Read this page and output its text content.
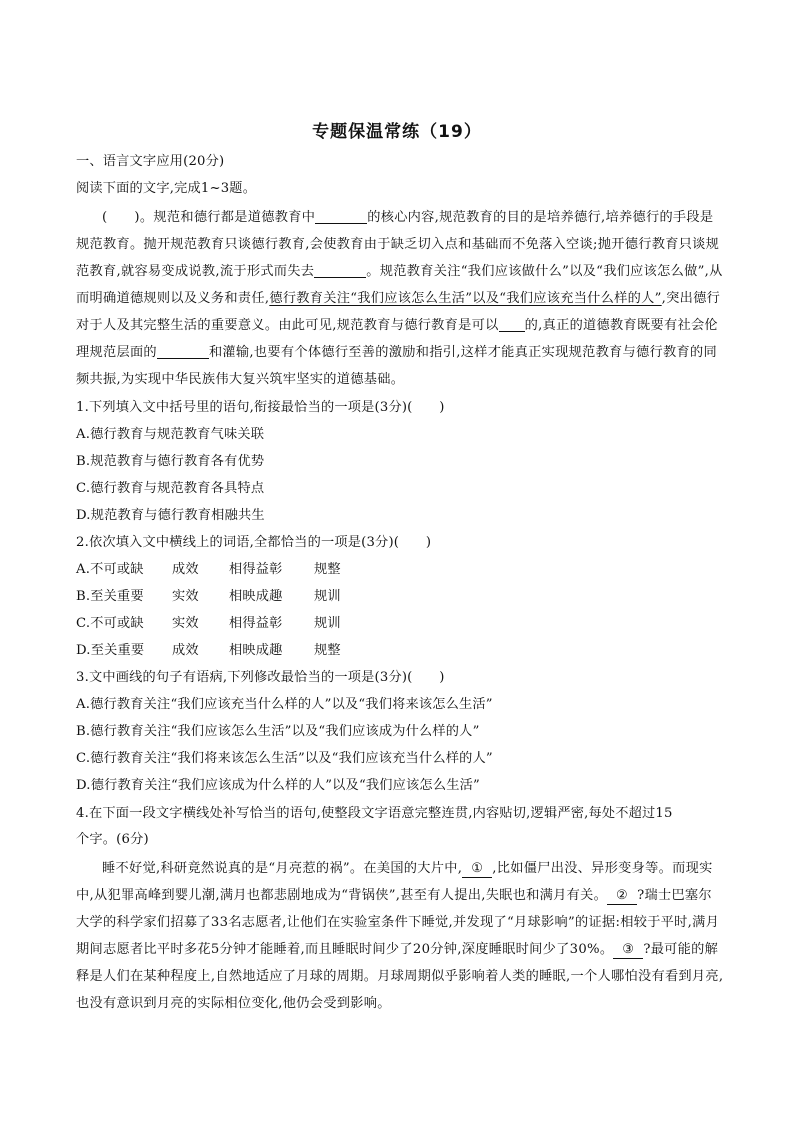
专题保温常练（19）
一、语言文字应用(20分)
阅读下面的文字,完成1~3题。
(　　)。规范和德行都是道德教育中	的核心内容,规范教育的目的是培养德行,培养德行的手段是规范教育。抛开规范教育只谈德行教育,会使教育由于缺乏切入点和基础而不免落入空谈;抛开德行教育只谈规范教育,就容易变成说教,流于形式而失去	。规范教育关注“我们应该做什么”以及“我们应该怎么做”,从而明确道德规则以及义务和责任,德行教育关注“我们应该怎么生活”以及“我们应该充当什么样的人”,突出德行对于人及其完整生活的重要意义。由此可见,规范教育与德行教育是可以 的,真正的道德教育既要有社会伦理规范层面的	和灌输,也要有个体德行至善的激励和指引,这样才能真正实现规范教育与德行教育的同频共振,为实现中华民族伟大复兴筑牢坚实的道德基础。
1.下列填入文中括号里的语句,衔接最恰当的一项是(3分)(　　)
A.德行教育与规范教育气味关联
B.规范教育与德行教育各有优势
C.德行教育与规范教育各具特点
D.规范教育与德行教育相融共生
2.依次填入文中横线上的词语,全都恰当的一项是(3分)(　　)
A.不可或缺 成效 相得益彰 规整
B.至关重要 实效 相映成趣 规训
C.不可或缺 实效 相得益彰 规训
D.至关重要 成效 相映成趣 规整
3.文中画线的句子有语病,下列修改最恰当的一项是(3分)(　　)
A.德行教育关注“我们应该充当什么样的人”以及“我们将来该怎么生活”
B.德行教育关注“我们应该怎么生活”以及“我们应该成为什么样的人”
C.德行教育关注“我们将来该怎么生活”以及“我们应该充当什么样的人”
D.德行教育关注“我们应该成为什么样的人”以及“我们应该怎么生活”
4.在下面一段文字横线处补写恰当的语句,使整段文字语意完整连贯,内容贴切,逻辑严密,每处不超过15
个字。(6分)
睡不好觉,科研竟然说真的是“月亮惹的祸”。在美国的大片中, ① ,比如僵尸出没、异形变身等。而现实中,从犯罪高峰到婴儿潮,满月也都悲剧地成为“背锅侠”,甚至有人提出,失眠也和满月有关。 ② ?瑞士巴塞尔大学的科学家们招募了33名志愿者,让他们在实验室条件下睡觉,并发现了“月球影响”的证据:相较于平时,满月期间志愿者比平时多花5分钟才能睡着,而且睡眠时间少了20分钟,深度睡眠时间少了30%。 ③ ?最可能的解释是人们在某种程度上,自然地适应了月球的周期。月球周期似乎影响着人类的睡眠,一个人哪怕没有看到月亮,也没有意识到月亮的实际相位变化,他仍会受到影响。
